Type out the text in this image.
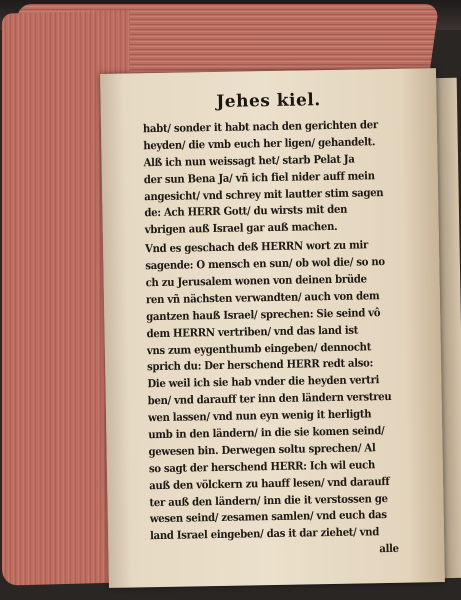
Jehes kiel.
habt/ sonder it habt nach den gerichten der
heyden/ die vmb euch her ligen/ gehandelt.
Alß ich nun weissagt het/ starb Pelat Ja
der sun Bena Ja/ vñ ich fiel nider auff mein
angesicht/ vnd schrey mit lautter stim sagen
de: Ach HERR Gott/ du wirsts mit den
vbrigen auß Israel gar auß machen.
Vnd es geschach deß HERRN wort zu mir
sagende: O mensch en sun/ ob wol die/ so no
ch zu Jerusalem wonen von deinen brüde
ren vñ nächsten verwandten/ auch von dem
gantzen hauß Israel/ sprechen: Sie seind vô
dem HERRN vertriben/ vnd das land ist
vns zum eygenthumb eingeben/ dennocht
sprich du: Der herschend HERR redt also:
Die weil ich sie hab vnder die heyden vertri
ben/ vnd darauff ter inn den ländern verstreu
wen lassen/ vnd nun eyn wenig it herligth
umb in den ländern/ in die sie komen seind/
gewesen bin. Derwegen soltu sprechen/ Al
so sagt der herschend HERR: Ich wil euch
auß den völckern zu hauff lesen/ vnd darauff
ter auß den ländern/ inn die it verstossen ge
wesen seind/ zesamen samlen/ vnd euch das
land Israel eingeben/ das it dar ziehet/ vnd
alle
